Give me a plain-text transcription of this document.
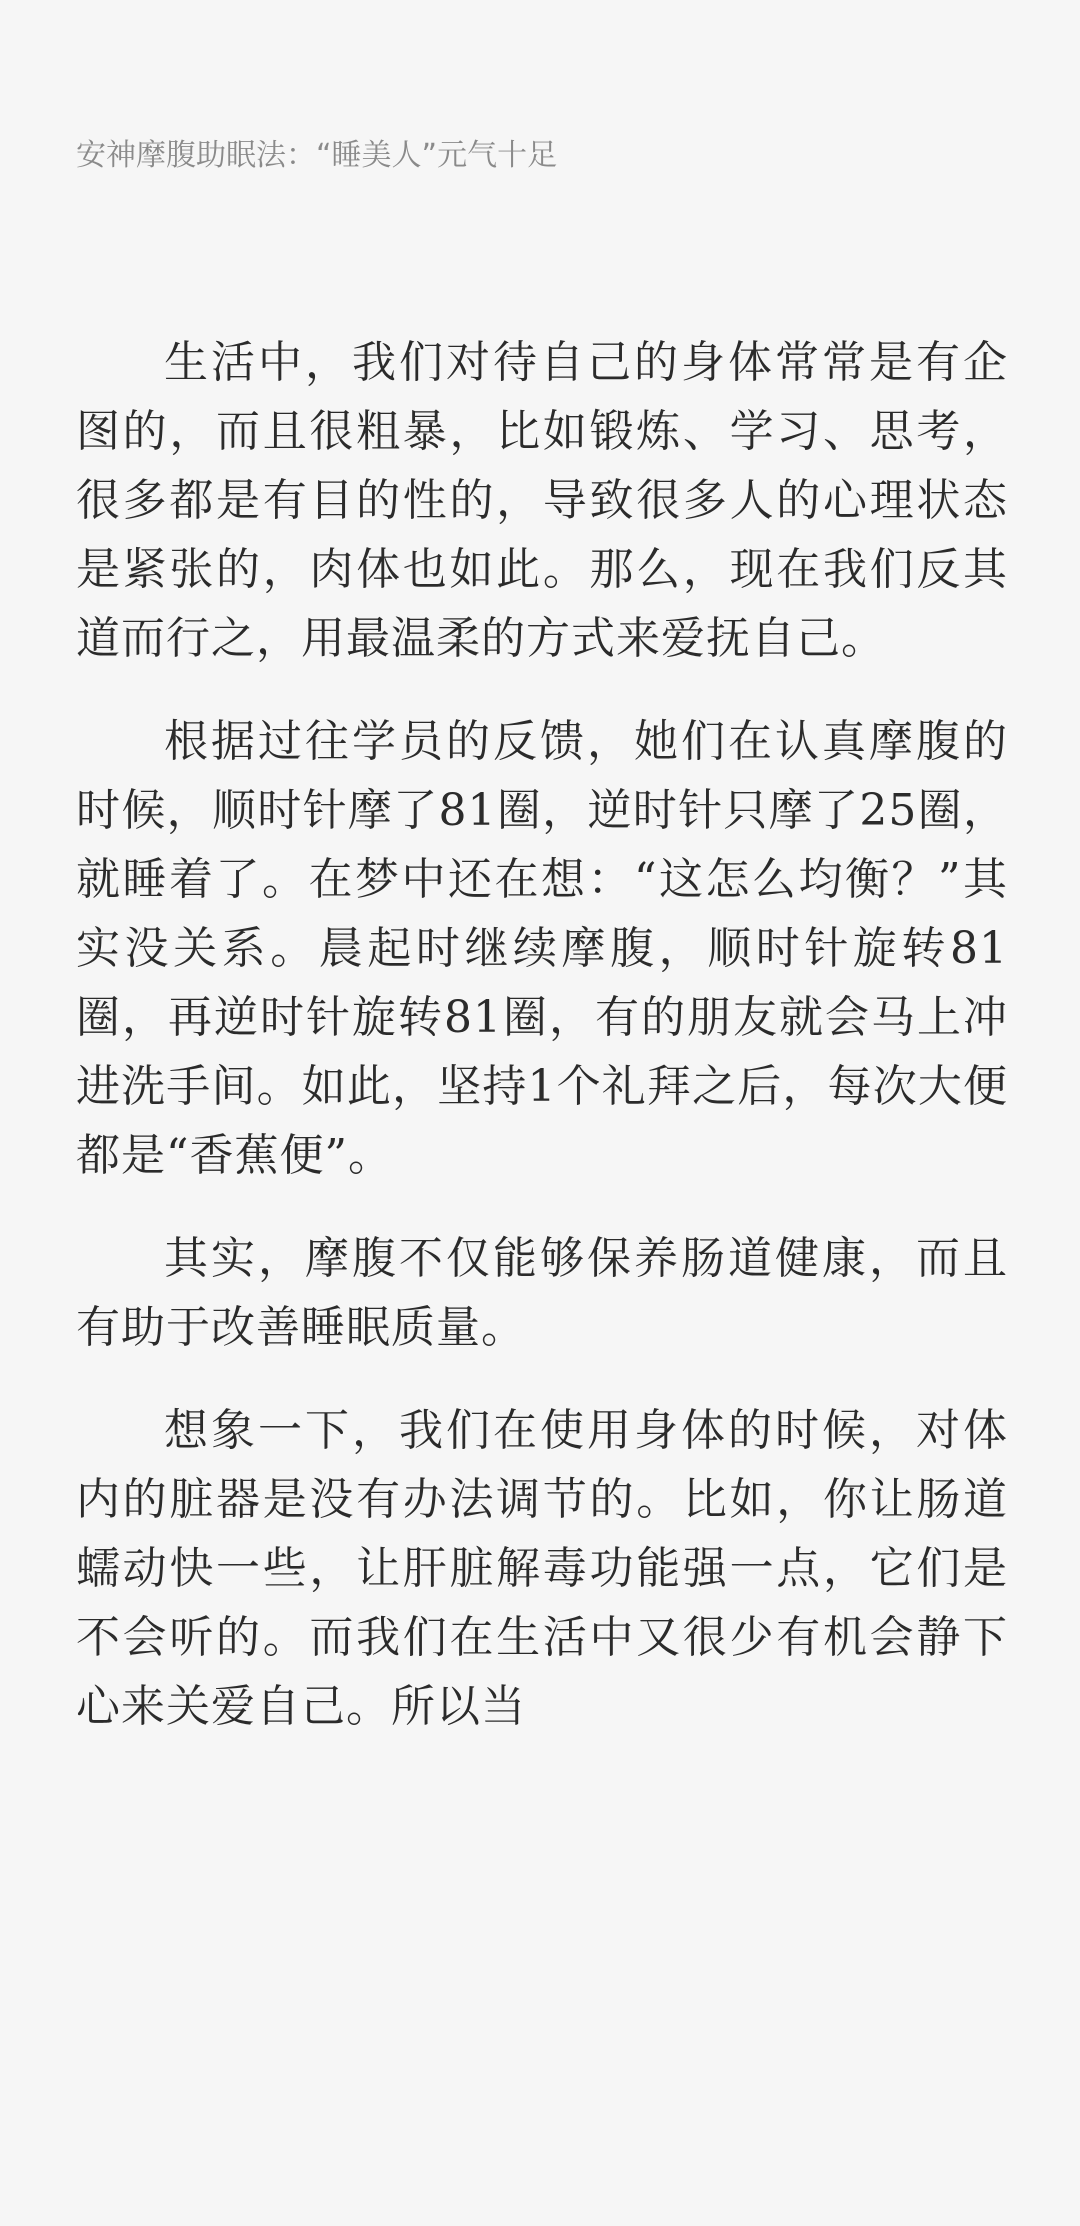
安神摩腹助眠法：“睡美人”元气十足

生活中，我们对待自己的身体常常是有企图的，而且很粗暴，比如锻炼、学习、思考，很多都是有目的性的，导致很多人的心理状态是紧张的，肉体也如此。那么，现在我们反其道而行之，用最温柔的方式来爱抚自己。

根据过往学员的反馈，她们在认真摩腹的时候，顺时针摩了81圈，逆时针只摩了25圈，就睡着了。在梦中还在想：“这怎么均衡？”其实没关系。晨起时继续摩腹，顺时针旋转81圈，再逆时针旋转81圈，有的朋友就会马上冲进洗手间。如此，坚持1个礼拜之后，每次大便都是“香蕉便”。

其实，摩腹不仅能够保养肠道健康，而且有助于改善睡眠质量。

想象一下，我们在使用身体的时候，对体内的脏器是没有办法调节的。比如，你让肠道蠕动快一些，让肝脏解毒功能强一点，它们是不会听的。而我们在生活中又很少有机会静下心来关爱自己。所以当
